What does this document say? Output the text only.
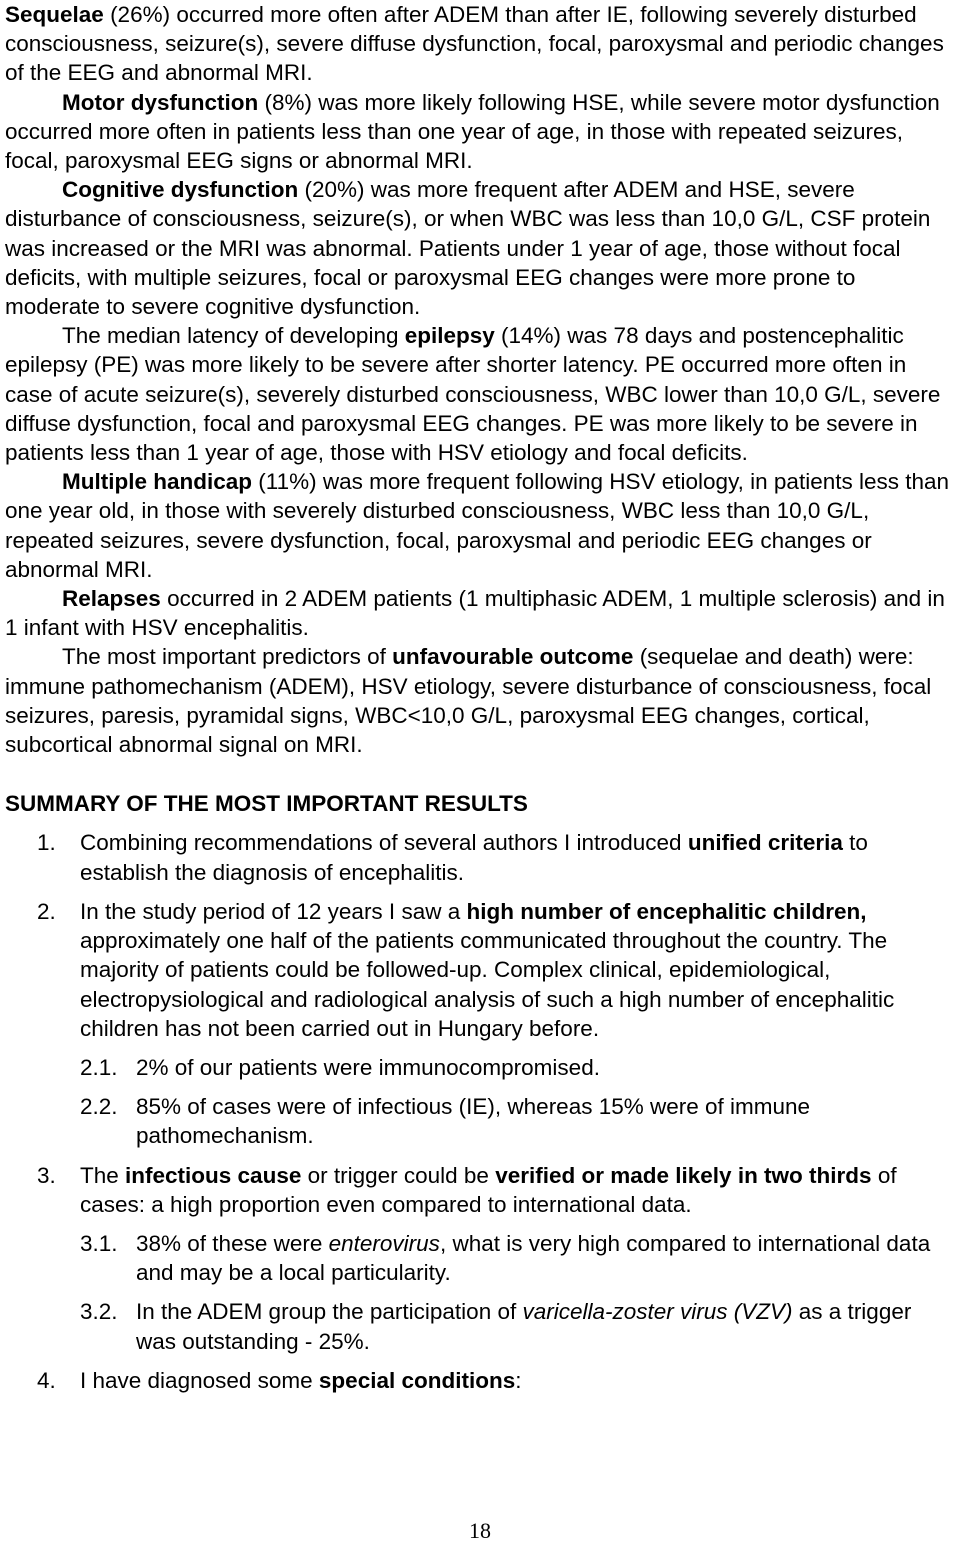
Sequelae (26%) occurred more often after ADEM than after IE, following severely disturbed consciousness, seizure(s), severe diffuse dysfunction, focal, paroxysmal and periodic changes of the EEG and abnormal MRI.

Motor dysfunction (8%) was more likely following HSE, while severe motor dysfunction occurred more often in patients less than one year of age, in those with repeated seizures, focal, paroxysmal EEG signs or abnormal MRI.

Cognitive dysfunction (20%) was more frequent after ADEM and HSE, severe disturbance of consciousness, seizure(s), or when WBC was less than 10,0 G/L, CSF protein was increased or the MRI was abnormal. Patients under 1 year of age, those without focal deficits, with multiple seizures, focal or paroxysmal EEG changes were more prone to moderate to severe cognitive dysfunction.

The median latency of developing epilepsy (14%) was 78 days and postencephalitic epilepsy (PE) was more likely to be severe after shorter latency. PE occurred more often in case of acute seizure(s), severely disturbed consciousness, WBC lower than 10,0 G/L, severe diffuse dysfunction, focal and paroxysmal EEG changes. PE was more likely to be severe in patients less than 1 year of age, those with HSV etiology and focal deficits.

Multiple handicap (11%) was more frequent following HSV etiology, in patients less than one year old, in those with severely disturbed consciousness, WBC less than 10,0 G/L, repeated seizures, severe dysfunction, focal, paroxysmal and periodic EEG changes or abnormal MRI.

Relapses occurred in 2 ADEM patients (1 multiphasic ADEM, 1 multiple sclerosis) and in 1 infant with HSV encephalitis.

The most important predictors of unfavourable outcome (sequelae and death) were: immune pathomechanism (ADEM), HSV etiology, severe disturbance of consciousness, focal seizures, paresis, pyramidal signs, WBC<10,0 G/L, paroxysmal EEG changes, cortical, subcortical abnormal signal on MRI.

SUMMARY OF THE MOST IMPORTANT RESULTS

1. Combining recommendations of several authors I introduced unified criteria to establish the diagnosis of encephalitis.
2. In the study period of 12 years I saw a high number of encephalitic children, approximately one half of the patients communicated throughout the country. The majority of patients could be followed-up. Complex clinical, epidemiological, electropysiological and radiological analysis of such a high number of encephalitic children has not been carried out in Hungary before.
2.1. 2% of our patients were immunocompromised.
2.2. 85% of cases were of infectious (IE), whereas 15% were of immune pathomechanism.
3. The infectious cause or trigger could be verified or made likely in two thirds of cases: a high proportion even compared to international data.
3.1. 38% of these were enterovirus, what is very high compared to international data and may be a local particularity.
3.2. In the ADEM group the participation of varicella-zoster virus (VZV) as a trigger was outstanding - 25%.
4. I have diagnosed some special conditions:
18
